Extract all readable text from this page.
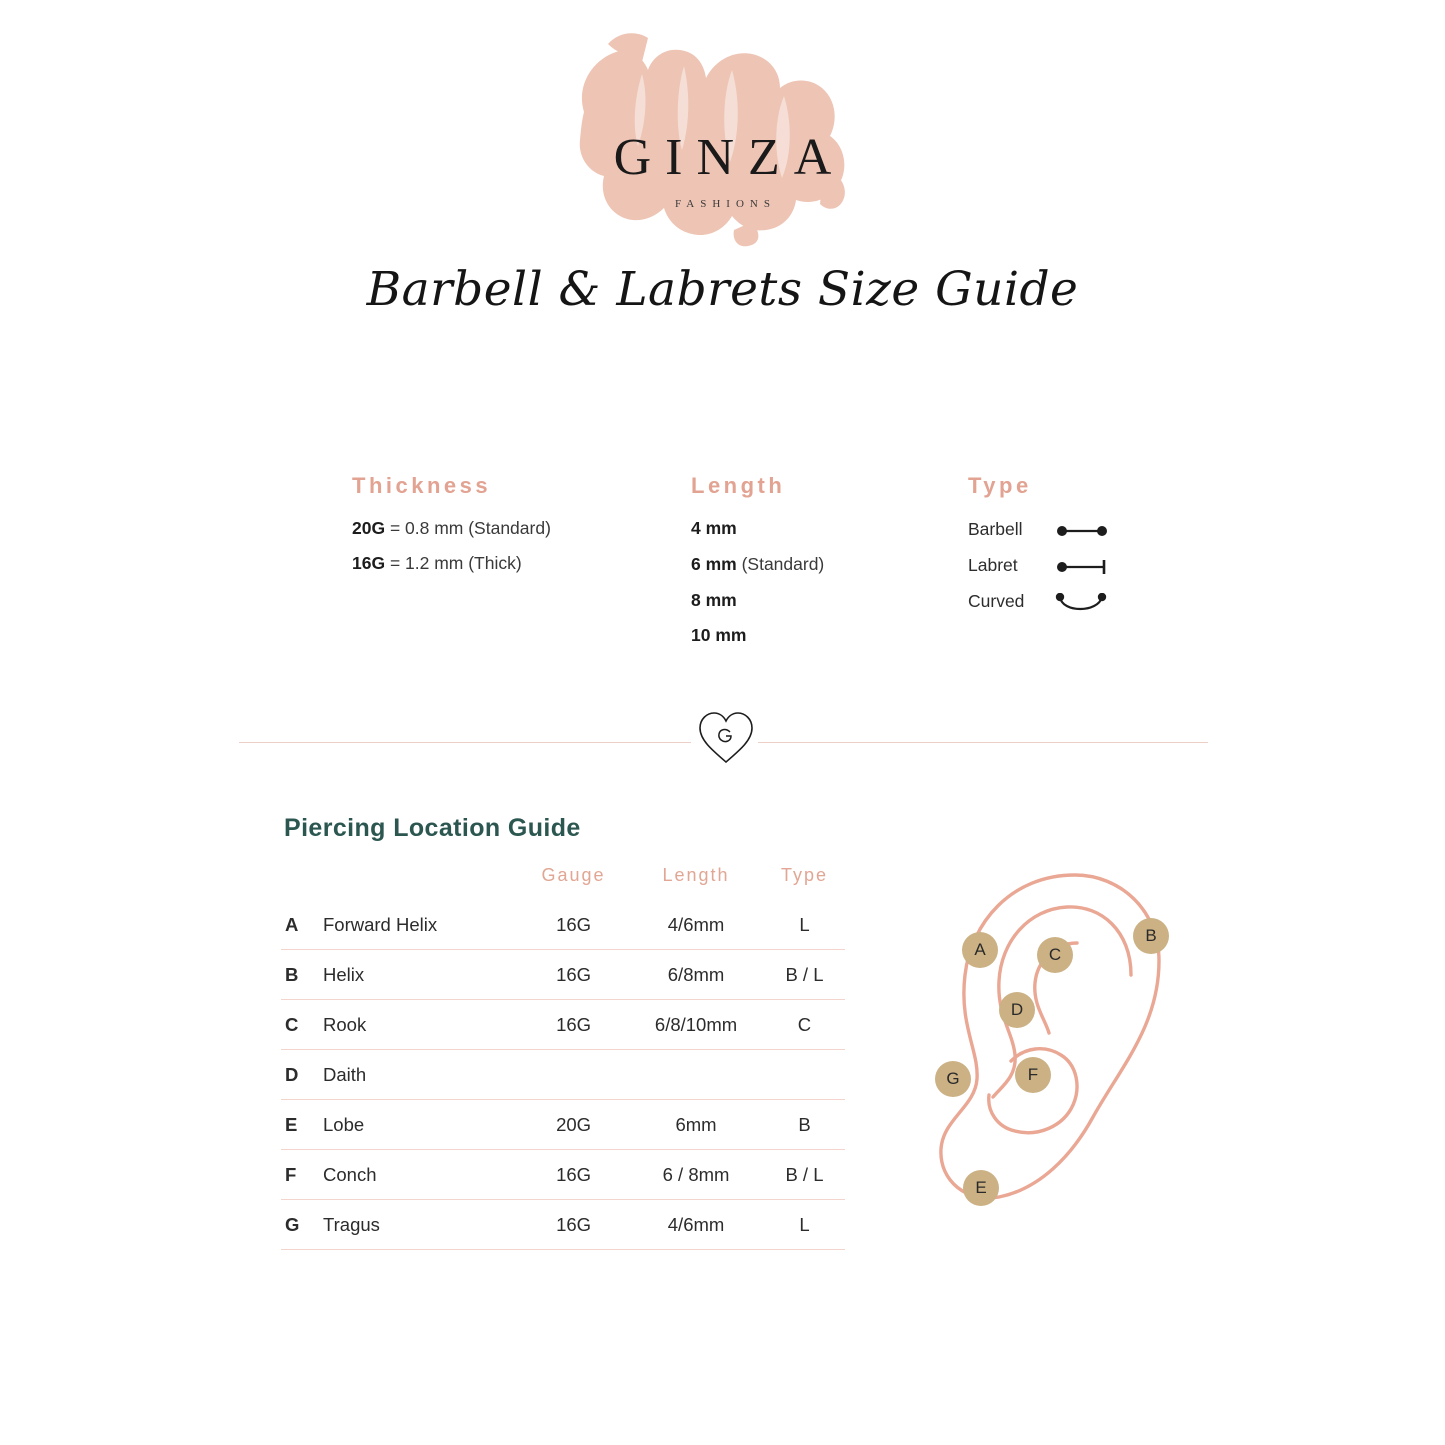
GINZA
FASHIONS
Barbell & Labrets Size Guide
Thickness
20G = 0.8 mm (Standard)
16G = 1.2 mm (Thick)
Length
4 mm
6 mm (Standard)
8 mm
10 mm
Type
Barbell
Labret
Curved
Piercing Location Guide
		Gauge	Length	Type
A	Forward Helix	16G	4/6mm	L
B	Helix	16G	6/8mm	B / L
C	Rook	16G	6/8/10mm	C
D	Daith			
E	Lobe	20G	6mm	B
F	Conch	16G	6 / 8mm	B / L
G	Tragus	16G	4/6mm	L
A
B
C
D
E
F
G
